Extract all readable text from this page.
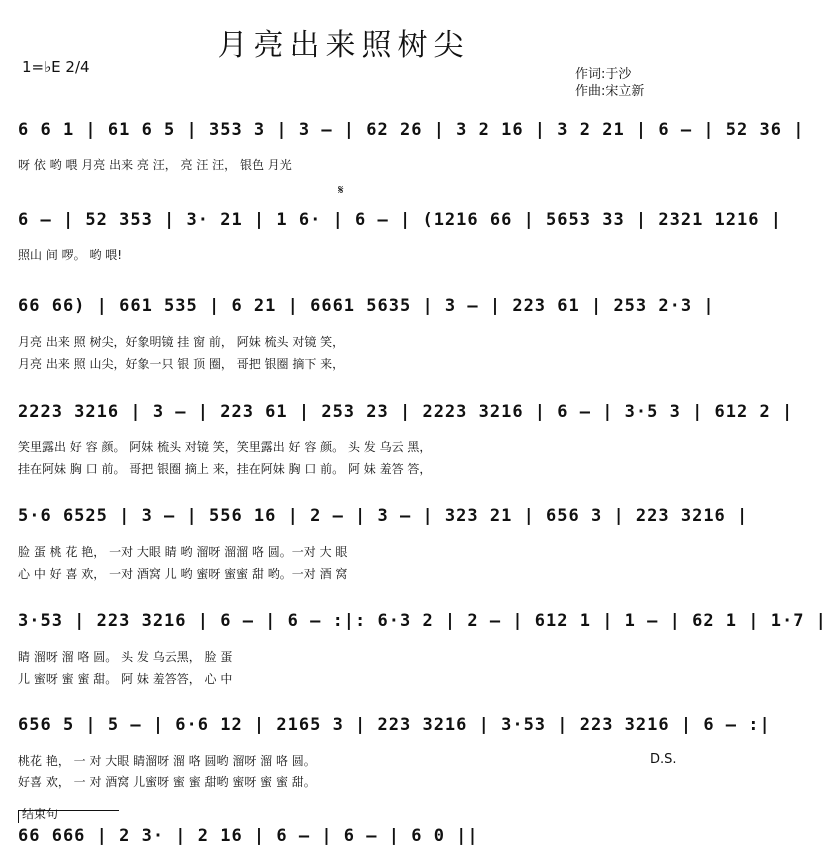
月亮出来照树尖
1=♭E 2/4	作词:于沙
作曲:宋立新
6 6 1 | 61 6 5 | 353 3 | 3 – | 62 26 | 3 2 16 | 3 2 21 | 6 – | 52 36 |
呀 依 哟 喂 月亮 出来 亮 汪， 亮 汪 汪， 银色 月光
𝄋
6 – | 52 353 | 3· 21 | 1 6· | 6 – | (1216 66 | 5653 33 | 2321 1216 |
照山 间 啰。 哟 喂!
66 66) | 661 535 | 6 21 | 6661 5635 | 3 – | 223 61 | 253 2·3 |
月亮 出来 照 树尖，好象明镜 挂 窗 前， 阿妹 梳头 对镜 笑，
月亮 出来 照 山尖，好象一只 银 顶 圈， 哥把 银圈 摘下 来，
2223 3216 | 3 – | 223 61 | 253 23 | 2223 3216 | 6 – | 3·5 3 | 612 2 |
笑里露出 好 容 颜。 阿妹 梳头 对镜 笑，笑里露出 好 容 颜。 头 发 乌云 黑，
挂在阿妹 胸 口 前。 哥把 银圈 摘上 来，挂在阿妹 胸 口 前。 阿 妹 羞答 答，
5·6 6525 | 3 – | 556 16 | 2 – | 3 – | 323 21 | 656 3 | 223 3216 |
脸 蛋 桃 花 艳， 一对 大眼 睛 哟 溜呀 溜溜 咯 圆。一对 大 眼
心 中 好 喜 欢， 一对 酒窝 儿 哟 蜜呀 蜜蜜 甜 哟。一对 酒 窝
3·53 | 223 3216 | 6 – | 6 – :|: 6·3 2 | 2 – | 612 1 | 1 – | 62 1 | 1·7 |
睛 溜呀 溜 咯 圆。 头 发 乌云黑， 脸 蛋
儿 蜜呀 蜜 蜜 甜。 阿 妹 羞答答， 心 中
656 5 | 5 – | 6·6 12 | 2165 3 | 223 3216 | 3·53 | 223 3216 | 6 – :|
桃花 艳， 一 对 大眼 睛溜呀 溜 咯 圆哟 溜呀 溜 咯 圆。
好喜 欢， 一 对 酒窝 儿蜜呀 蜜 蜜 甜哟 蜜呀 蜜 蜜 甜。
D.S.
结束句
66 666 | 2 3· | 2 16 | 6 – | 6 – | 6 0 ||
